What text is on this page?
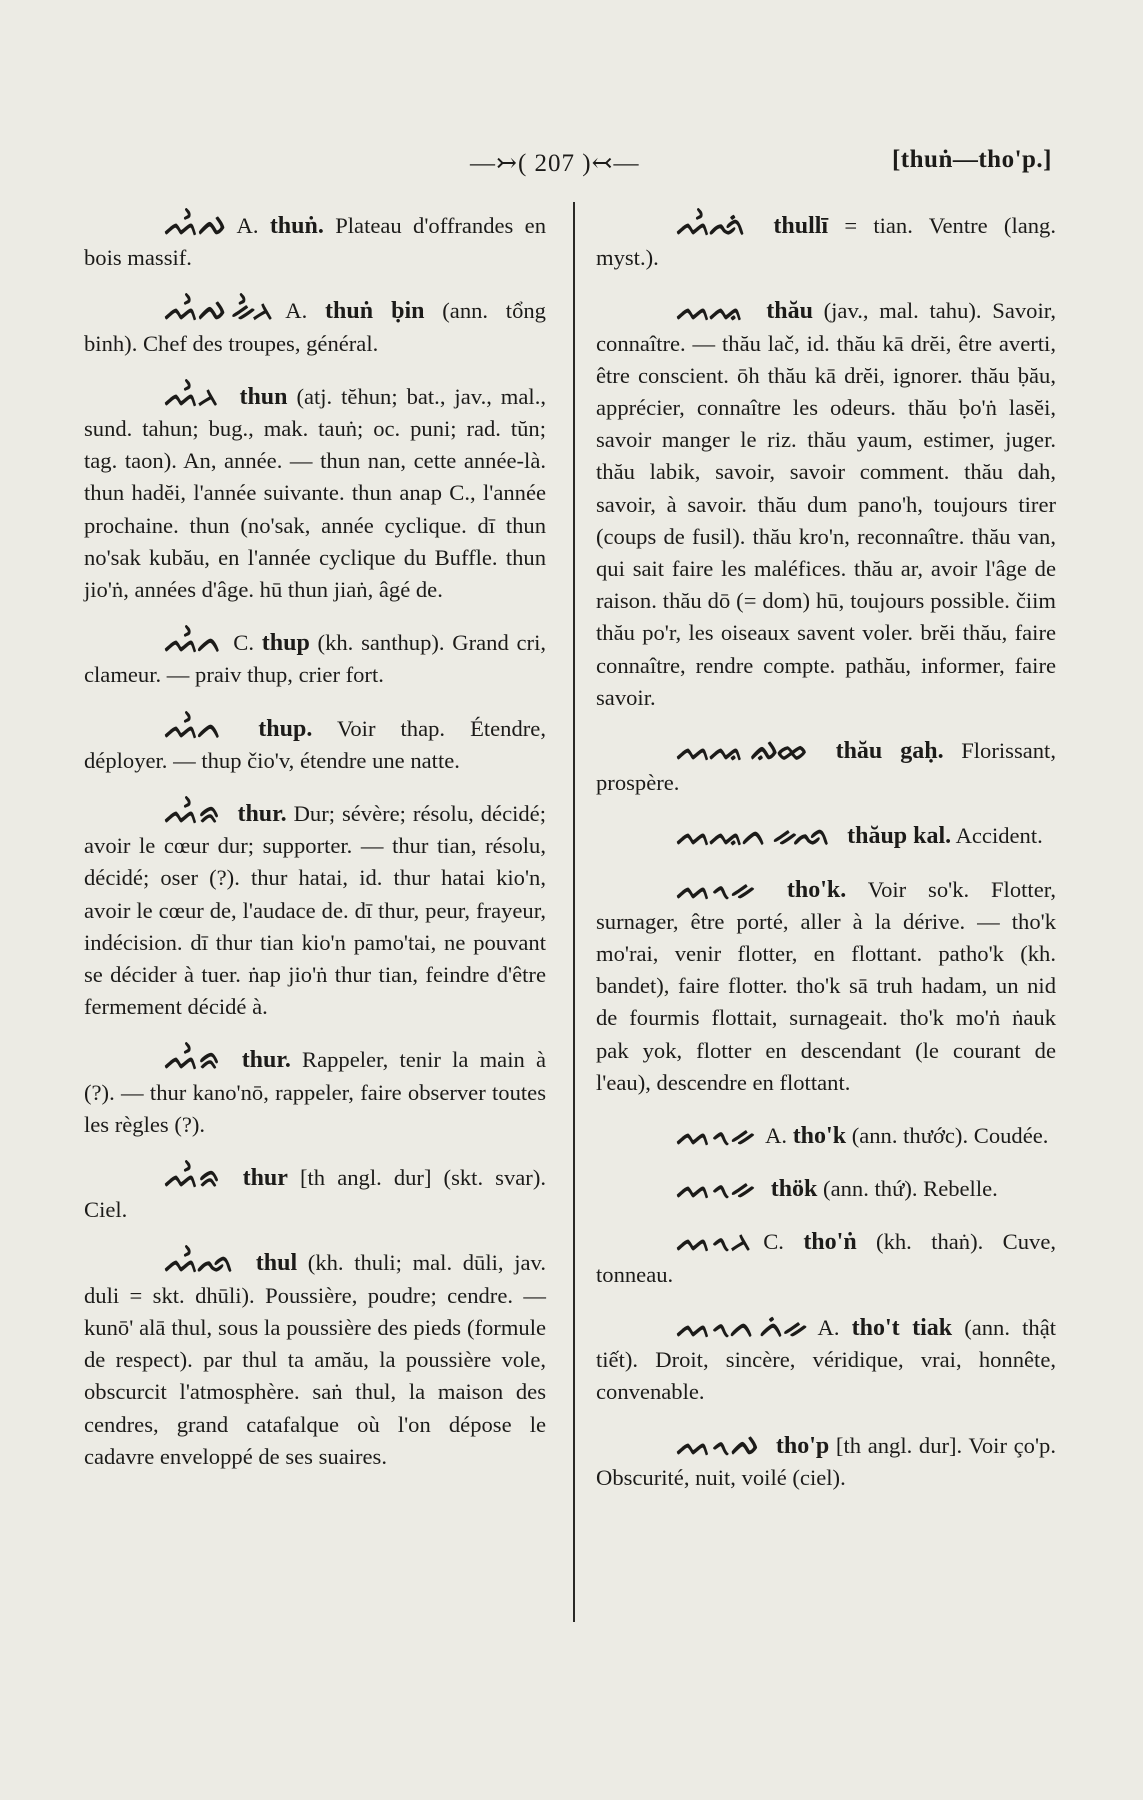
—↣( 207 )↢—	[thuṅ—tho'p.]
ᨓᨛᨄ A. thuṅ. Plateau d'offrandes en bois massif.
ᨓᨛᨄ ᨀᨛᨂ A. thuṅ ḅin (ann. tổng binh). Chef des troupes, général.
ᨓᨛᨂ thun (atj. tĕhun; bat., jav., mal., sund. tahun; bug., mak. tauṅ; oc. puni; rad. tŭn; tag. taon). An, année. — thun nan, cette année-là. thun hadĕi, l'année suivante. thun anap C., l'année prochaine. thun (no'sak, année cyclique. dī thun no'sak kubău, en l'année cyclique du Buffle. thun jio'ṅ, années d'âge. hū thun jiaṅ, âgé de.
ᨓᨛᨈ C. thup (kh. santhup). Grand cri, clameur. — praiv thup, crier fort.
ᨓᨛᨈ thup. Voir thap. Étendre, déployer. — thup čio'v, étendre une natte.
ᨓᨛᨑ thur. Dur; sévère; résolu, décidé; avoir le cœur dur; supporter. — thur tian, résolu, décidé; oser (?). thur hatai, id. thur hatai kio'n, avoir le cœur de, l'audace de. dī thur, peur, frayeur, indécision. dī thur tian kio'n pamo'tai, ne pouvant se décider à tuer. ṅap jio'ṅ thur tian, feindre d'être fermement décidé à.
ᨓᨛᨑ thur. Rappeler, tenir la main à (?). — thur kano'nō, rappeler, faire observer toutes les règles (?).
ᨓᨛᨑ thur [th angl. dur] (skt. svar). Ciel.
ᨓᨛᨒ thul (kh. thuli; mal. dūli, jav. duli = skt. dhūli). Poussière, poudre; cendre. — kunō' alā thul, sous la poussière des pieds (formule de respect). par thul ta amău, la poussière vole, obscurcit l'atmosphère. saṅ thul, la maison des cendres, grand catafalque où l'on dépose le cadavre enveloppé de ses suaires.
ᨓᨛᨒᨗ thullī = tian. Ventre (lang. myst.).
ᨓᨕ thău (jav., mal. tahu). Savoir, connaître. — thău lač, id. thău kā drĕi, être averti, être conscient. ōh thău kā drĕi, ignorer. thău ḅău, apprécier, connaître les odeurs. thău ḅo'ṅ lasĕi, savoir manger le riz. thău yaum, estimer, juger. thău labik, savoir, savoir comment. thău dah, savoir, à savoir. thău dum pano'h, toujours tirer (coups de fusil). thău kro'n, reconnaître. thău van, qui sait faire les maléfices. thău ar, avoir l'âge de raison. thău dō (= dom) hū, toujours possible. čiim thău po'r, les oiseaux savent voler. brĕi thău, faire connaître, rendre compte. pathău, informer, faire savoir.
ᨓᨕ ᨁᨖ thău gaḥ. Florissant, prospère.
ᨓᨕᨈ ᨀᨒ thăup kal. Accident.
ᨓᨚᨀ tho'k. Voir so'k. Flotter, surnager, être porté, aller à la dérive. — tho'k mo'rai, venir flotter, en flottant. patho'k (kh. bandet), faire flotter. tho'k sā truh hadam, un nid de fourmis flottait, surnageait. tho'k mo'ṅ ṅauk pak yok, flotter en descendant (le courant de l'eau), descendre en flottant.
ᨓᨚᨀ A. tho'k (ann. thước). Coudée.
ᨓᨚᨀ thök (ann. thứ). Rebelle.
ᨓᨚᨂ C. tho'ṅ (kh. thaṅ). Cuve, tonneau.
ᨓᨚᨈ ᨈᨗᨀ A. tho't tiak (ann. thật tiết). Droit, sincère, véridique, vrai, honnête, convenable.
ᨓᨚᨄ tho'p [th angl. dur]. Voir ço'p. Obscurité, nuit, voilé (ciel).
